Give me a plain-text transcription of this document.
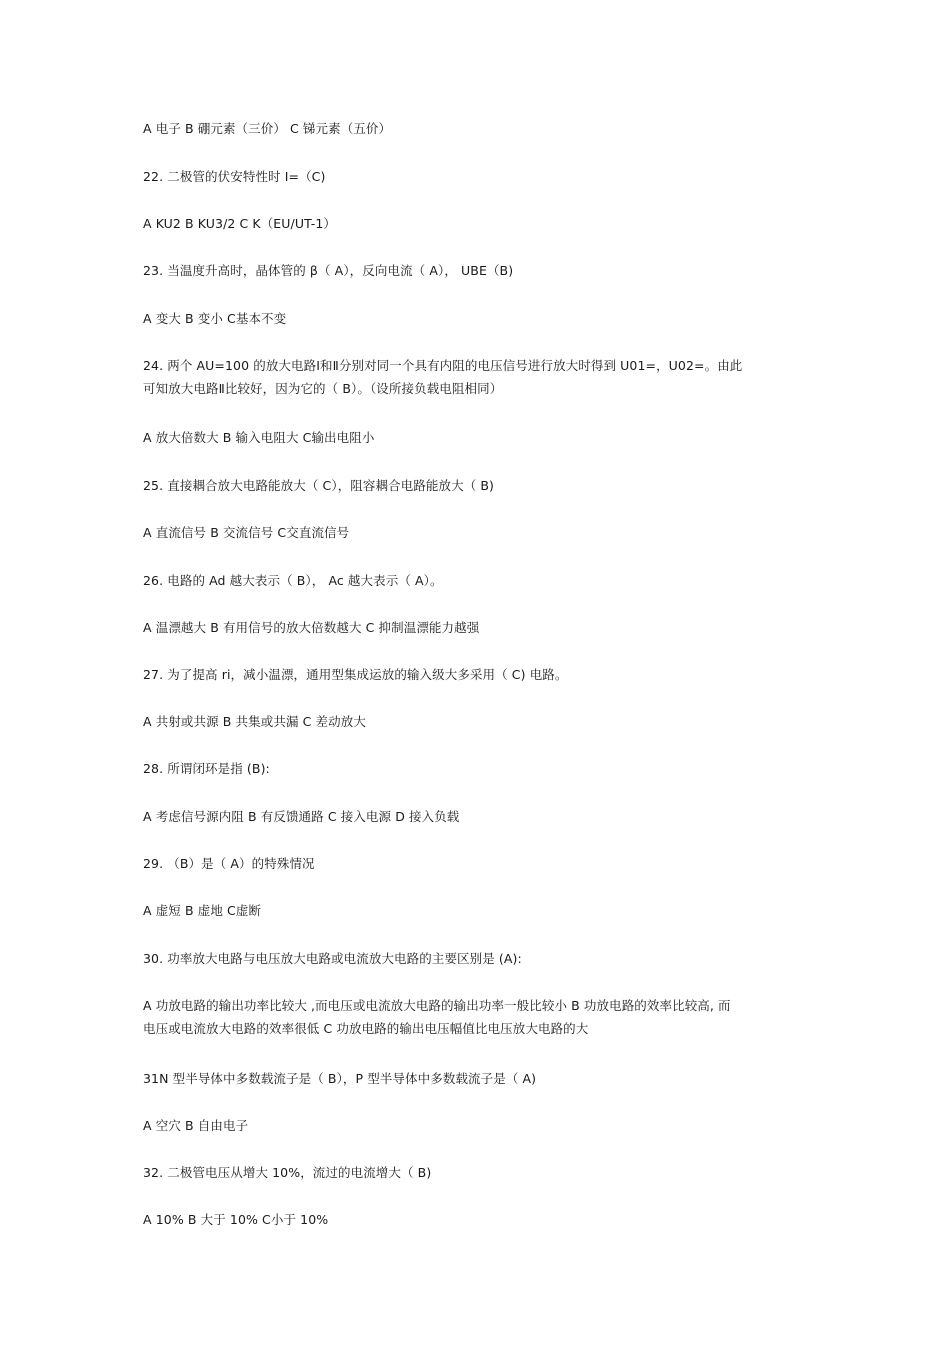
A 电子 B 硼元素（三价） C 锑元素（五价）
22. 二极管的伏安特性时 I=（C)
A KU2 B KU3/2 C K（EU/UT-1）
23. 当温度升高时，晶体管的 β（ A），反向电流（ A）， UBE（B)
A 变大 B 变小 C基本不变
24. 两个 AU=100 的放大电路Ⅰ和Ⅱ分别对同一个具有内阻的电压信号进行放大时得到 U01=，U02=。由此
可知放大电路Ⅱ比较好，因为它的（ B）。（设所接负载电阻相同）
A 放大倍数大 B 输入电阻大 C输出电阻小
25. 直接耦合放大电路能放大（ C），阻容耦合电路能放大（ B)
A 直流信号 B 交流信号 C交直流信号
26. 电路的 Ad 越大表示（ B）， Ac 越大表示（ A）。
A 温漂越大 B 有用信号的放大倍数越大 C 抑制温漂能力越强
27. 为了提高 ri，减小温漂，通用型集成运放的输入级大多采用（ C) 电路。
A 共射或共源 B 共集或共漏 C 差动放大
28. 所谓闭环是指 (B):
A 考虑信号源内阻 B 有反馈通路 C 接入电源 D 接入负载
29. （B）是（ A）的特殊情况
A 虚短 B 虚地 C虚断
30. 功率放大电路与电压放大电路或电流放大电路的主要区别是 (A):
A 功放电路的输出功率比较大 ,而电压或电流放大电路的输出功率一般比较小 B 功放电路的效率比较高, 而
电压或电流放大电路的效率很低 C 功放电路的输出电压幅值比电压放大电路的大
31N 型半导体中多数载流子是（ B），P 型半导体中多数载流子是（ A)
A 空穴 B 自由电子
32. 二极管电压从增大 10%，流过的电流增大（ B)
A 10% B 大于 10% C小于 10%
